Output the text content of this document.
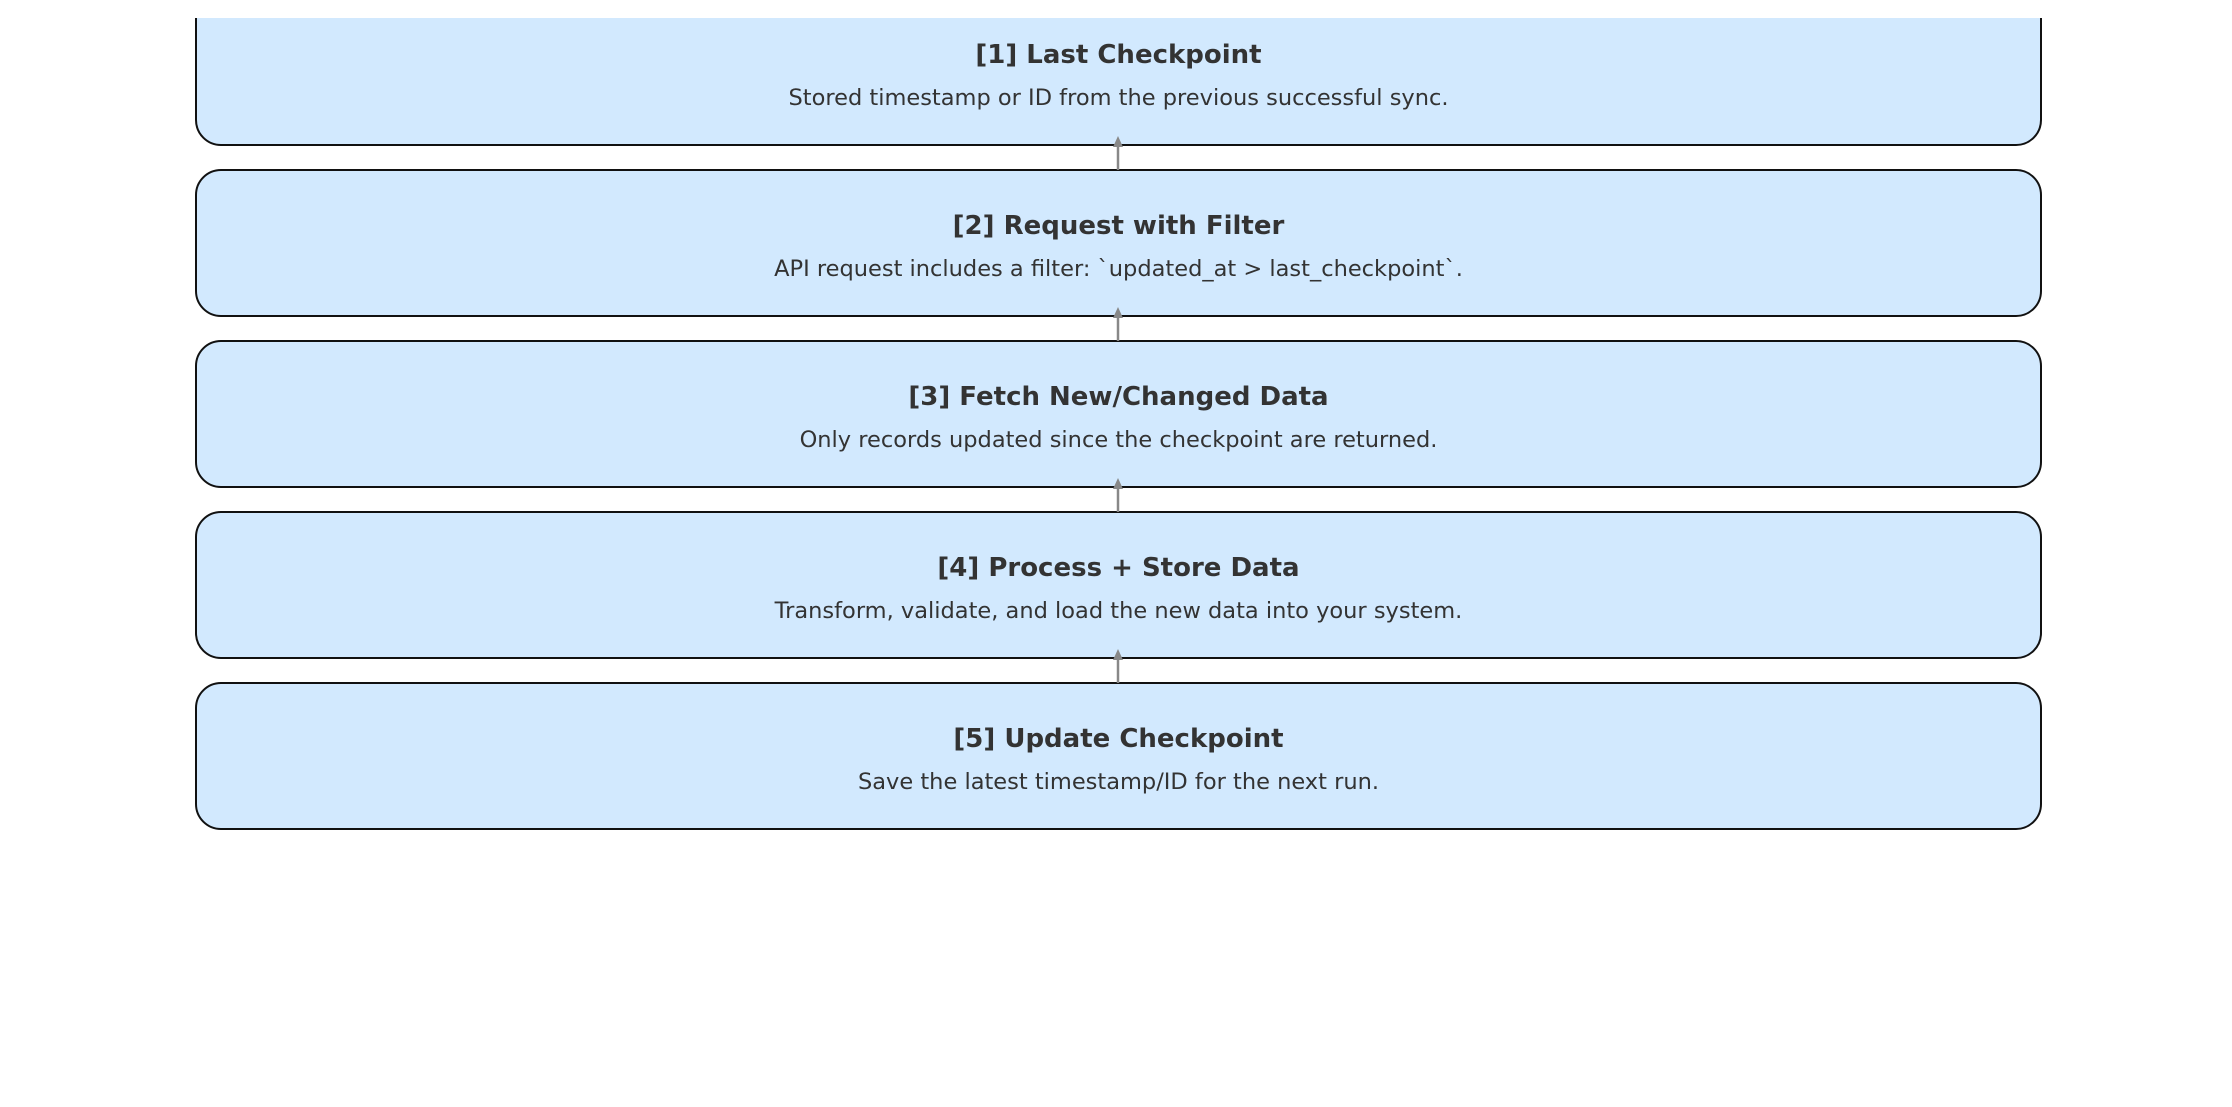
[1] Last Checkpoint
Stored timestamp or ID from the previous successful sync.
[2] Request with Filter
API request includes a filter: `updated_at > last_checkpoint`.
[3] Fetch New/Changed Data
Only records updated since the checkpoint are returned.
[4] Process + Store Data
Transform, validate, and load the new data into your system.
[5] Update Checkpoint
Save the latest timestamp/ID for the next run.
